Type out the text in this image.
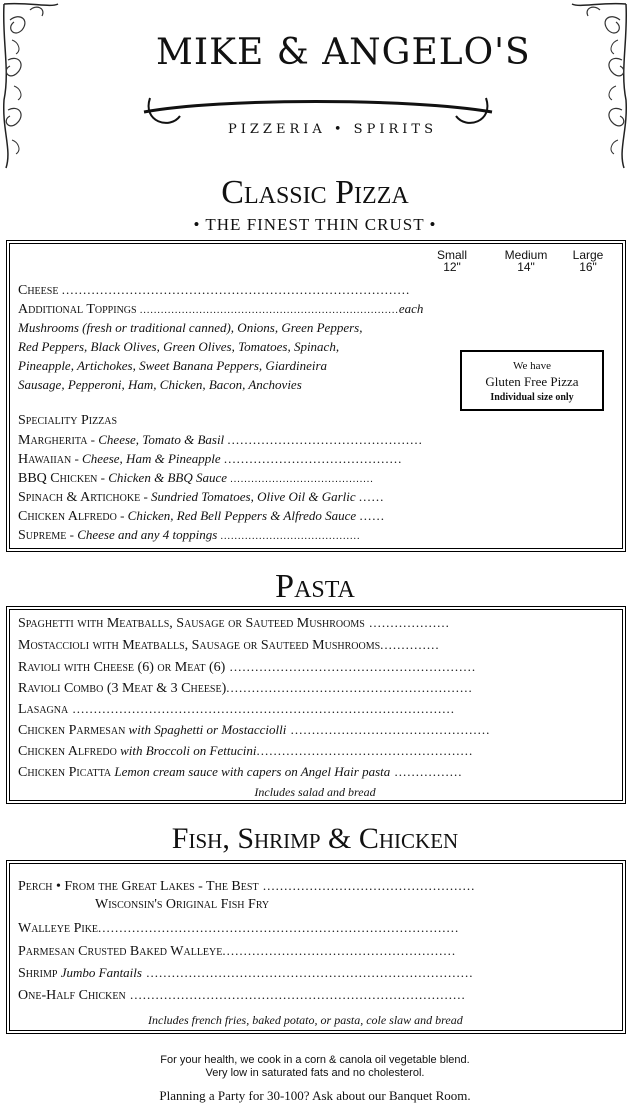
MIKE & ANGELO'S
PIZZERIA • SPIRITS
Classic Pizza
• THE FINEST THIN CRUST •
Small
12"
Medium
14"
Large
16"
Cheese ..................................................................................
Additional Toppings ..........................................................................each
Mushrooms (fresh or traditional canned), Onions, Green Peppers,
Red Peppers, Black Olives, Green Olives, Tomatoes, Spinach,
Pineapple, Artichokes, Sweet Banana Peppers, Giardineira
Sausage, Pepperoni, Ham, Chicken, Bacon, Anchovies
We have
Gluten Free Pizza
Individual size only
Speciality Pizzas
Margherita - Cheese, Tomato & Basil ..............................................
Hawaiian - Cheese, Ham & Pineapple ..........................................
BBQ Chicken - Chicken & BBQ Sauce .........................................
Spinach & Artichoke - Sundried Tomatoes, Olive Oil & Garlic ......
Chicken Alfredo - Chicken, Red Bell Peppers & Alfredo Sauce ......
Supreme - Cheese and any 4 toppings ........................................
Pasta
Spaghetti with Meatballs, Sausage or Sauteed Mushrooms ...................
Mostaccioli with Meatballs, Sausage or Sauteed Mushrooms..............
Ravioli with Cheese (6) or Meat (6) ..........................................................
Ravioli Combo (3 Meat & 3 Cheese)..........................................................
Lasagna ..........................................................................................
Chicken Parmesan with Spaghetti or Mostacciolli ...............................................
Chicken Alfredo with Broccoli on Fettucini...................................................
Chicken Picatta Lemon cream sauce with capers on Angel Hair pasta ................
Includes salad and bread
Fish, Shrimp & Chicken
Perch • From the Great Lakes - The Best ..................................................
Wisconsin's Original Fish Fry
Walleye Pike.....................................................................................
Parmesan Crusted Baked Walleye.......................................................
Shrimp Jumbo Fantails .............................................................................
One-Half Chicken ...............................................................................
Includes french fries, baked potato, or pasta, cole slaw and bread
For your health, we cook in a corn & canola oil vegetable blend.
Very low in saturated fats and no cholesterol.
Planning a Party for 30-100? Ask about our Banquet Room.
